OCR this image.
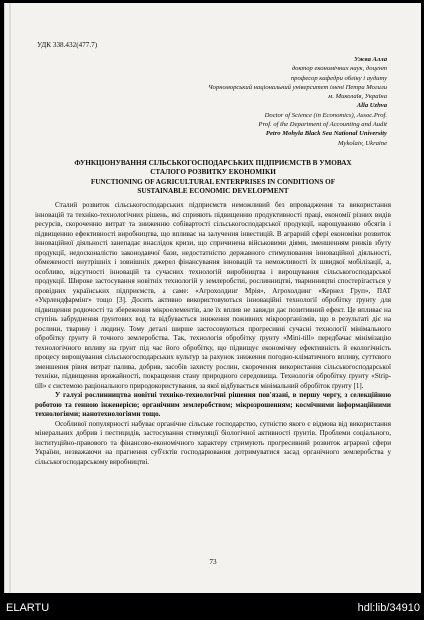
УДК 338.432(477.7)
Ужва Алла
доктор економічних наук, доцент
професор кафедри обліку і аудиту
Чорноморський національний університет імені Петра Могили
м. Миколаїв, Україна
Alla Uzhva
Doctor of Science (in Economics), Assoc.Prof.
Prof. of the Department of Accounting and Audit
Petro Mohyla Black Sea National University
Mykolaiv, Ukraine
ФУНКЦІОНУВАННЯ СІЛЬСЬКОГОСПОДАРСЬКИХ ПІДПРИЄМСТВ В УМОВАХ
СТАЛОГО РОЗВИТКУ ЕКОНОМІКИ
FUNCTIONING OF AGRICULTURAL ENTERPRISES IN CONDITIONS OF
SUSTAINABLE ECONOMIC DEVELOPMENT

Сталий розвиток сільськогосподарських підприємств неможливий без впровадження та використання інновацій та техніко-технологічних рішень, які сприяють підвищенню продуктивності праці, економії різних видів ресурсів, скороченню витрат та зниженню собівартості сільськогосподарської продукції, нарощуванню обсягів і підвищенню ефективності виробництва, що впливає на залучення інвестицій. В аграрній сфері економіки розвиток інноваційної діяльності занепадає внаслідок кризи, що спричинена військовими діями, зменшенням ринків збуту продукції, недосконалістю законодавчої бази, недостатністю державного стимулювання інноваційної діяльності, обмеженості внутрішніх і зовнішніх джерел фінансування інновацій та неможливості їх швидкої мобілізації, а, особливо, відсутності інновацій та сучасних технологій виробництва і вирощування сільськогосподарської продукції. Широке застосування новітніх технологій у землеробстві, рослинництві, тваринництві спостерігається у провідних українських підприємств, а саме: «Агрохолдинг Мрія», Агрохолдинг «Кернел Груп», ПАТ «Укрлендфармінг» тощо [3]. Досить активно використовуються інноваційні технології обробітку ґрунту для підвищення родючості та збереження мікроелементів, але їх вплив не завжди дає позитивний ефект. Це впливає на ступінь забруднення ґрунтових вод та відбувається зниження поживних мікроорганізмів, що в результаті діє на рослини, тварину і людину. Тому деталі ширше застосовуються прогресивні сучасні технології мінімального обробітку ґрунту й точного землеробства. Так, технологія обробітку ґрунту «Mini-till» передбачає мінімізацію технологічного впливу на ґрунт під час його обробітку, що підвищує економічну ефективність й екологічність процесу вирощування сільськогосподарських культур за рахунок зниження погодно-кліматичного впливу, суттєвого зменшення рівня витрат палива, добрив, засобів захисту рослин, скорочення використання сільськогосподарської техніки, підвищення врожайності, покращення стану природного середовища. Технологія обробітку ґрунту «Strip-till» є системою раціонального природокористування, за якої відбувається мінімальний обробіток ґрунту [1].

У галузі рослинництва новітні техніко-технологічні рішення пов'язані, в першу чергу, з селекційною роботою та генною інженерією; органічним землеробством; мікрозрошенням; космічними інформаційними технологіями; нанотехнологіями тощо.

Особливої популярності набуває органічне сільське господарство, сутністю якого є відмова від використання мінеральних добрив і пестицидів, застосування стимуляції біологічної активності ґрунтів. Проблеми соціального, інституційно-правового та фінансово-економічного характеру стримують прогресивний розвиток аграрної сфери України, незважаючи на прагнення суб'єктів господарювання дотримуватися засад органічного землеробства у сільськогосподарському виробництві.

73
ELARTU	hdl:lib/34910
